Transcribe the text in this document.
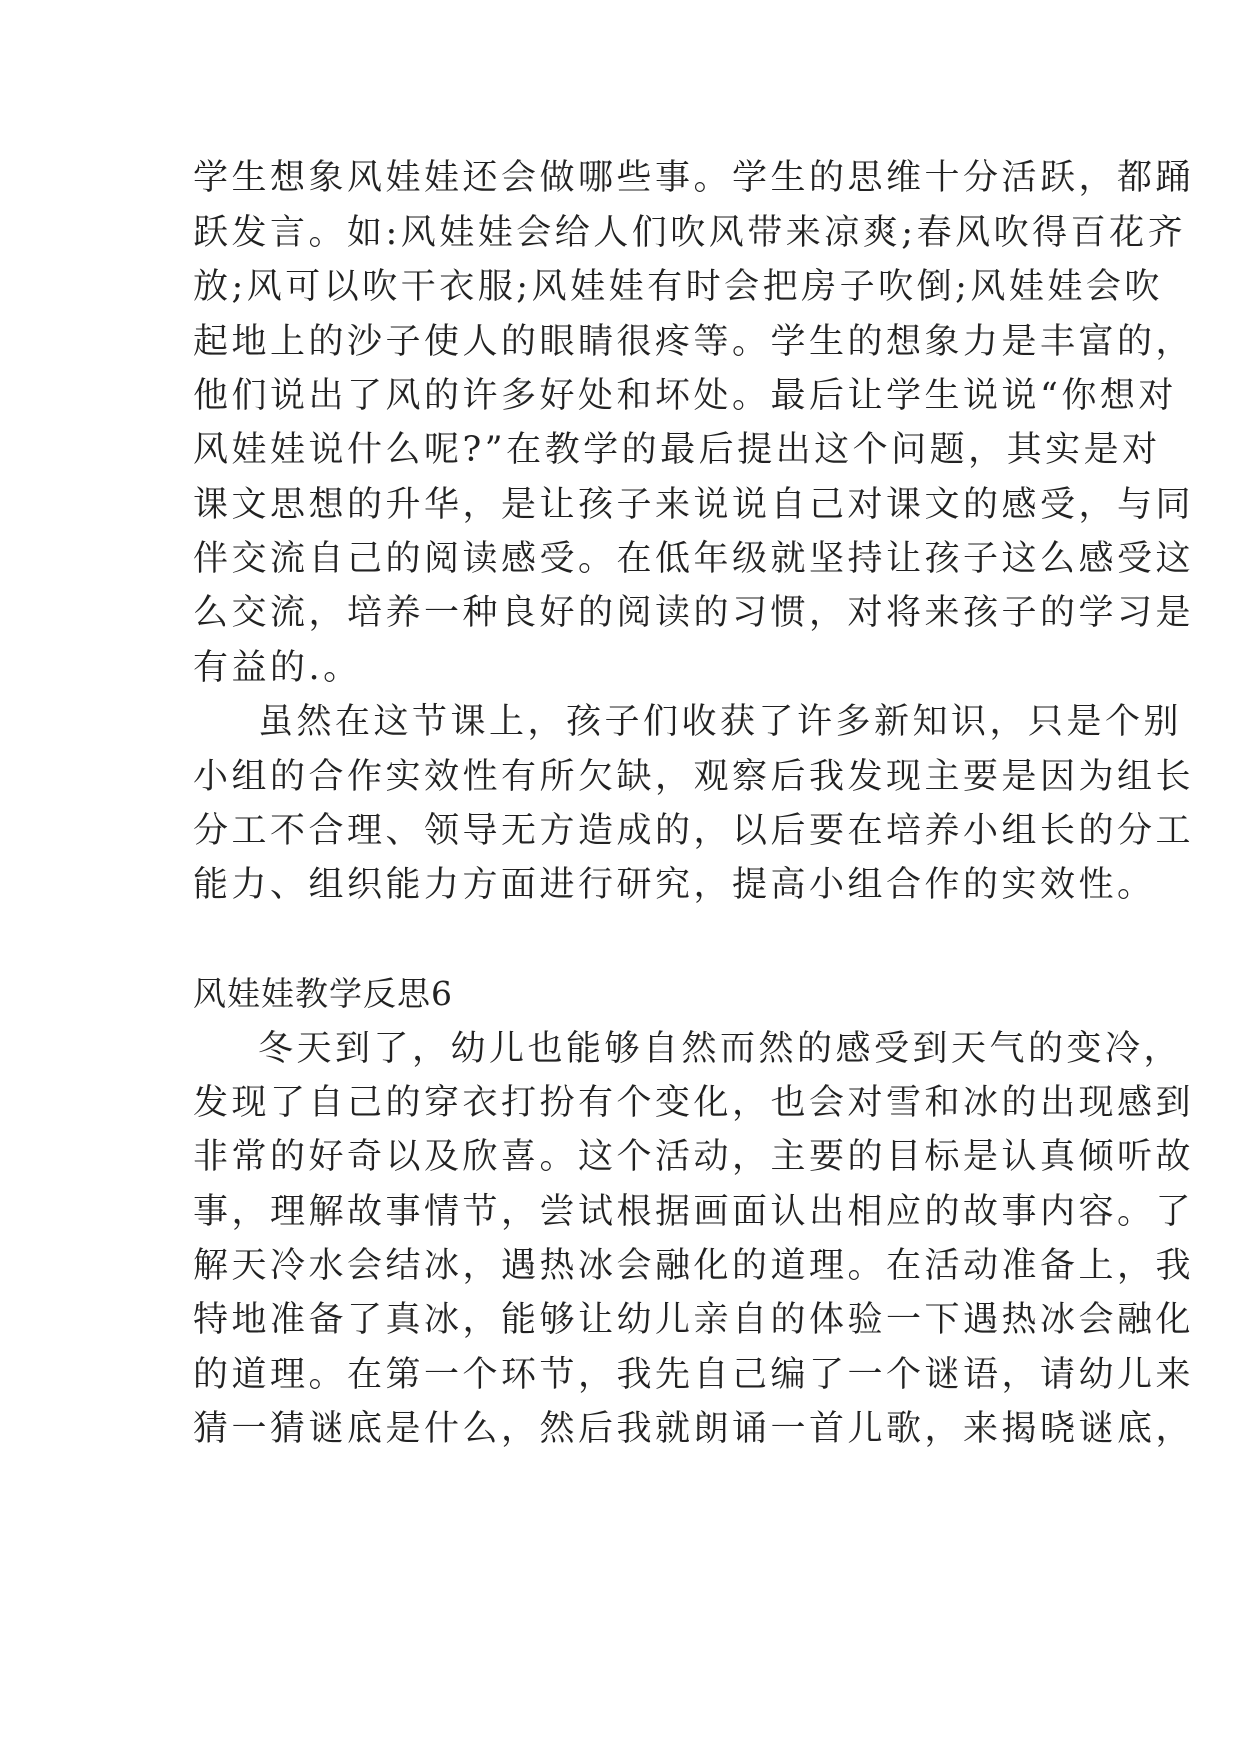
学生想象风娃娃还会做哪些事。学生的思维十分活跃，都踊
跃发言。如:风娃娃会给人们吹风带来凉爽;春风吹得百花齐
放;风可以吹干衣服;风娃娃有时会把房子吹倒;风娃娃会吹
起地上的沙子使人的眼睛很疼等。学生的想象力是丰富的，
他们说出了风的许多好处和坏处。最后让学生说说“你想对
风娃娃说什么呢?”在教学的最后提出这个问题，其实是对
课文思想的升华，是让孩子来说说自己对课文的感受，与同
伴交流自己的阅读感受。在低年级就坚持让孩子这么感受这
么交流，培养一种良好的阅读的习惯，对将来孩子的学习是
有益的.。
虽然在这节课上，孩子们收获了许多新知识，只是个别
小组的合作实效性有所欠缺，观察后我发现主要是因为组长
分工不合理、领导无方造成的，以后要在培养小组长的分工
能力、组织能力方面进行研究，提高小组合作的实效性。
风娃娃教学反思6
冬天到了，幼儿也能够自然而然的感受到天气的变冷，
发现了自己的穿衣打扮有个变化，也会对雪和冰的出现感到
非常的好奇以及欣喜。这个活动，主要的目标是认真倾听故
事，理解故事情节，尝试根据画面认出相应的故事内容。了
解天冷水会结冰，遇热冰会融化的道理。在活动准备上，我
特地准备了真冰，能够让幼儿亲自的体验一下遇热冰会融化
的道理。在第一个环节，我先自己编了一个谜语，请幼儿来
猜一猜谜底是什么，然后我就朗诵一首儿歌，来揭晓谜底，
